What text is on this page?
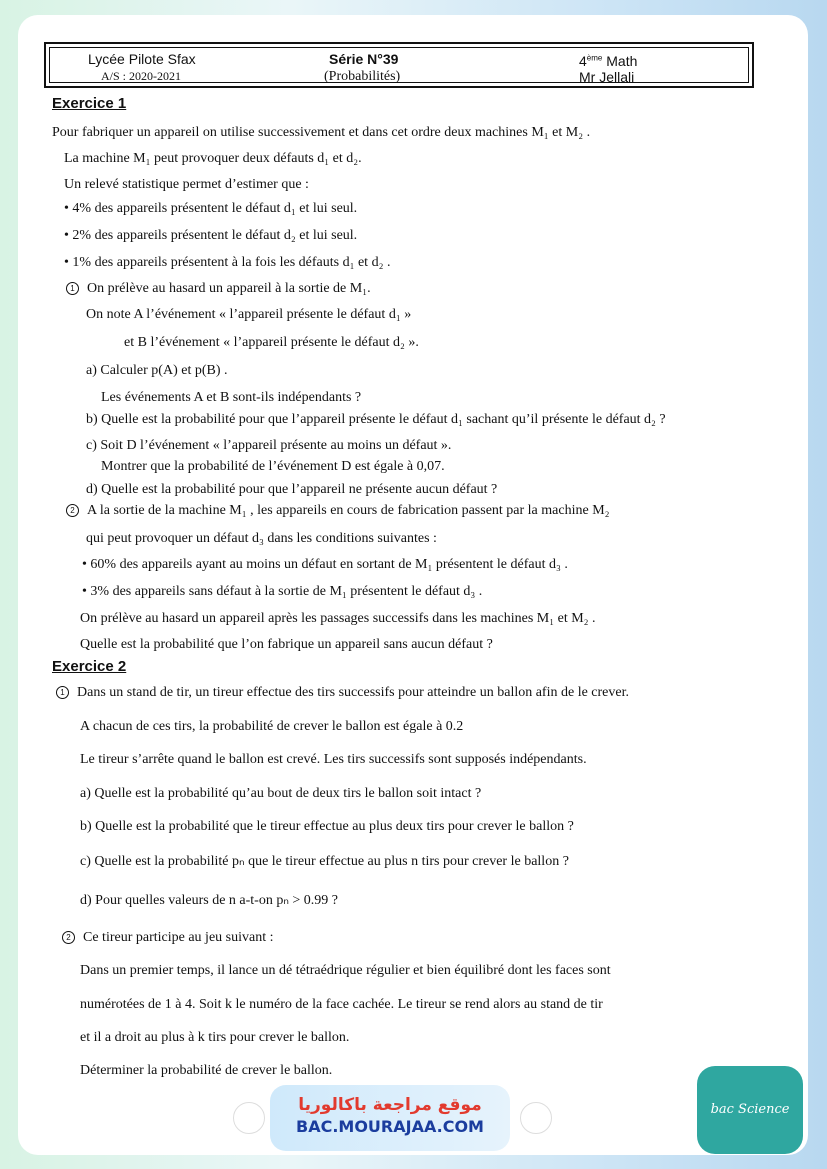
Lycée Pilote Sfax
A/S : 2020-2021
Série N°39
(Probabilités)
4ème Math
Mr Jellali
Exercice 1
Pour fabriquer un appareil on utilise successivement et dans cet ordre deux machines M₁ et M₂ .
La machine M₁ peut provoquer deux défauts d₁ et d₂.
Un relevé statistique permet d’estimer que :
• 4% des appareils présentent le défaut d₁ et lui seul.
• 2% des appareils présentent le défaut d₂ et lui seul.
• 1% des appareils présentent à la fois les défauts d₁ et d₂ .
1 On prélève au hasard un appareil à la sortie de M₁.
On note A l’événement « l’appareil présente le défaut d₁ »
et B l’événement « l’appareil présente le défaut d₂ ».
a) Calculer p(A) et p(B) .
Les événements A et B sont-ils indépendants ?
b) Quelle est la probabilité pour que l’appareil présente le défaut d₁ sachant qu’il présente le défaut d₂ ?
c) Soit D l’événement « l’appareil présente au moins un défaut ».
Montrer que la probabilité de l’événement D est égale à 0,07.
d) Quelle est la probabilité pour que l’appareil ne présente aucun défaut ?
2 A la sortie de la machine M₁ , les appareils en cours de fabrication passent par la machine M₂
qui peut provoquer un défaut d₃ dans les conditions suivantes :
• 60% des appareils ayant au moins un défaut en sortant de M₁ présentent le défaut d₃ .
• 3% des appareils sans défaut à la sortie de M₁ présentent le défaut d₃ .
On prélève au hasard un appareil après les passages successifs dans les machines M₁ et M₂ .
Quelle est la probabilité que l’on fabrique un appareil sans aucun défaut ?
Exercice 2
1 Dans un stand de tir, un tireur effectue des tirs successifs pour atteindre un ballon afin de le crever.
A chacun de ces tirs, la probabilité de crever le ballon est égale à 0.2
Le tireur s’arrête quand le ballon est crevé. Les tirs successifs sont supposés indépendants.
a) Quelle est la probabilité qu’au bout de deux tirs le ballon soit intact ?
b) Quelle est la probabilité que le tireur effectue au plus deux tirs pour crever le ballon ?
c) Quelle est la probabilité pₙ que le tireur effectue au plus n tirs pour crever le ballon ?
d) Pour quelles valeurs de n a-t-on pₙ > 0.99 ?
2 Ce tireur participe au jeu suivant :
Dans un premier temps, il lance un dé tétraédrique régulier et bien équilibré dont les faces sont
numérotées de 1 à 4. Soit k le numéro de la face cachée. Le tireur se rend alors au stand de tir
et il a droit au plus à k tirs pour crever le ballon.
Déterminer la probabilité de crever le ballon.
موقع مراجعة باكالوريا
BAC.MOURAJAA.COM
bac Science
